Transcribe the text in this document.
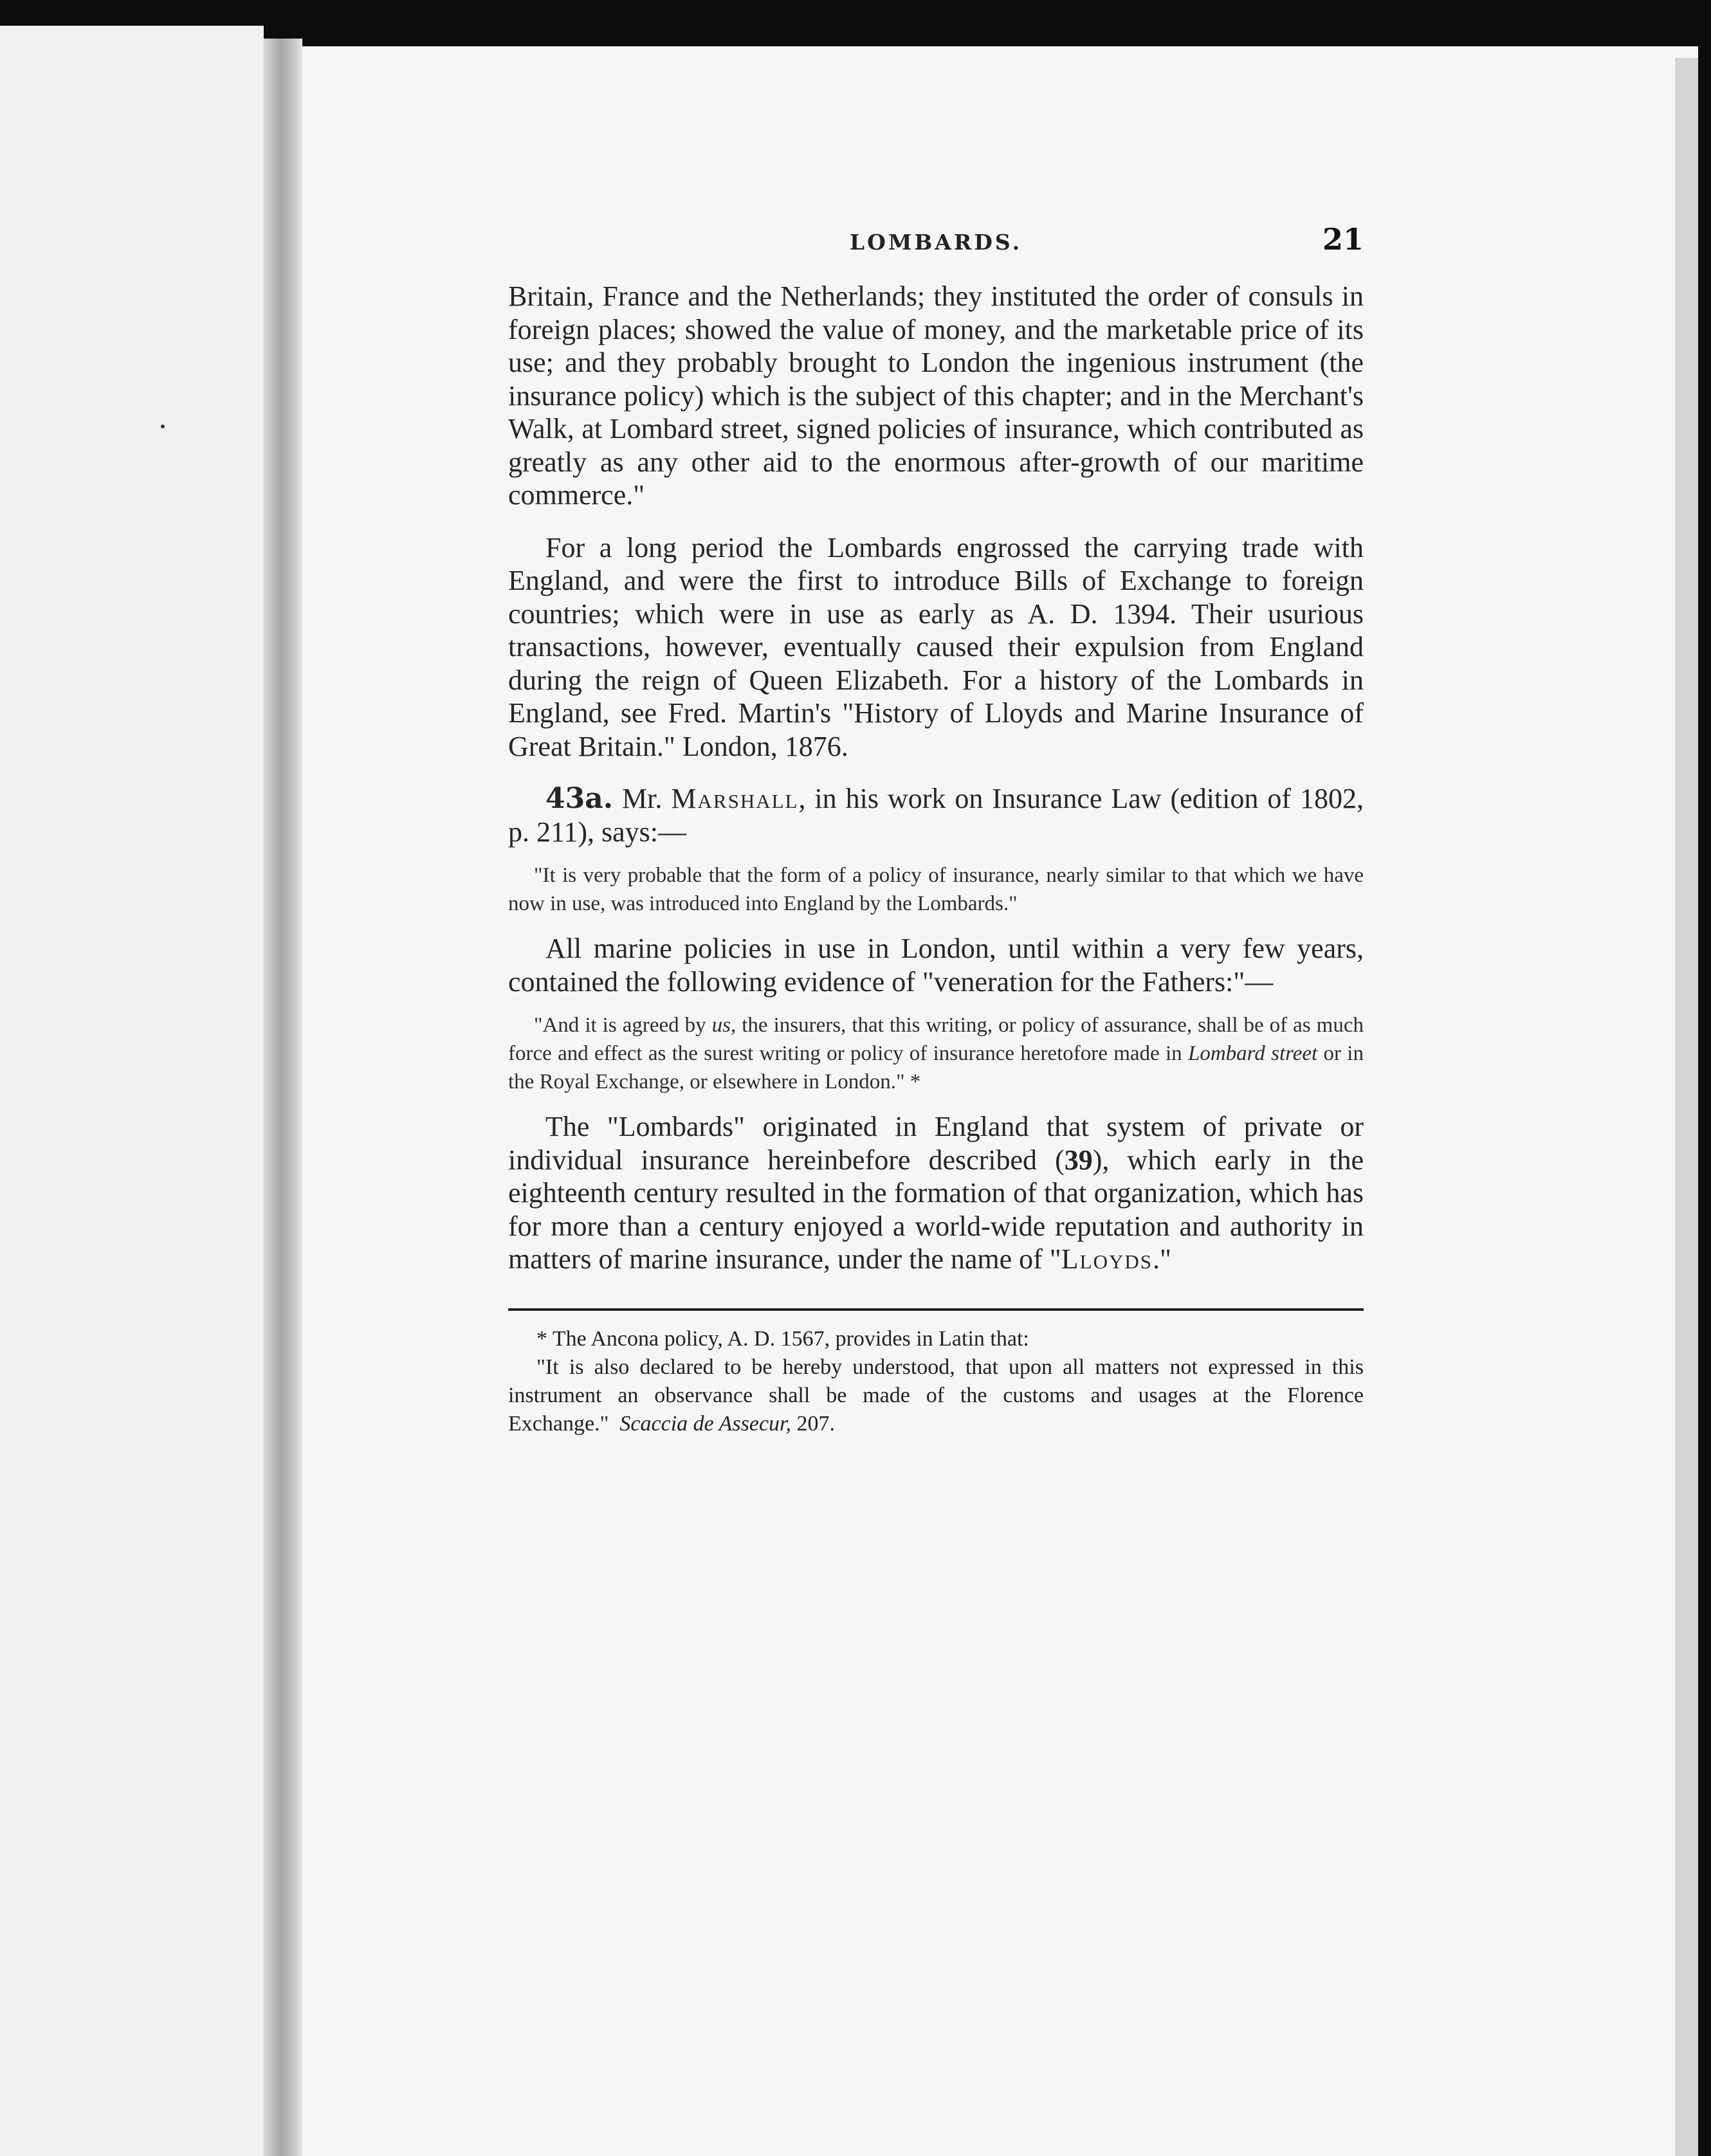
LOMBARDS.	21

Britain, France and the Netherlands; they instituted the order of consuls in foreign places; showed the value of money, and the marketable price of its use; and they probably brought to London the ingenious instrument (the insurance policy) which is the subject of this chapter; and in the Merchant's Walk, at Lombard street, signed policies of insurance, which contributed as greatly as any other aid to the enormous after-growth of our maritime commerce."

For a long period the Lombards engrossed the carrying trade with England, and were the first to introduce Bills of Exchange to foreign countries; which were in use as early as A. D. 1394. Their usurious transactions, however, eventually caused their expulsion from England during the reign of Queen Elizabeth. For a history of the Lombards in England, see Fred. Martin's "History of Lloyds and Marine Insurance of Great Britain." London, 1876.

43a. Mr. Marshall, in his work on Insurance Law (edition of 1802, p. 211), says:—

"It is very probable that the form of a policy of insurance, nearly similar to that which we have now in use, was introduced into England by the Lombards."

All marine policies in use in London, until within a very few years, contained the following evidence of "veneration for the Fathers:"—

"And it is agreed by us, the insurers, that this writing, or policy of assurance, shall be of as much force and effect as the surest writing or policy of insurance heretofore made in Lombard street or in the Royal Exchange, or elsewhere in London." *

The "Lombards" originated in England that system of private or individual insurance hereinbefore described (39), which early in the eighteenth century resulted in the formation of that organization, which has for more than a century enjoyed a world-wide reputation and authority in matters of marine insurance, under the name of "Lloyds."

* The Ancona policy, A. D. 1567, provides in Latin that:

"It is also declared to be hereby understood, that upon all matters not expressed in this instrument an observance shall be made of the customs and usages at the Florence Exchange." Scaccia de Assecur, 207.
